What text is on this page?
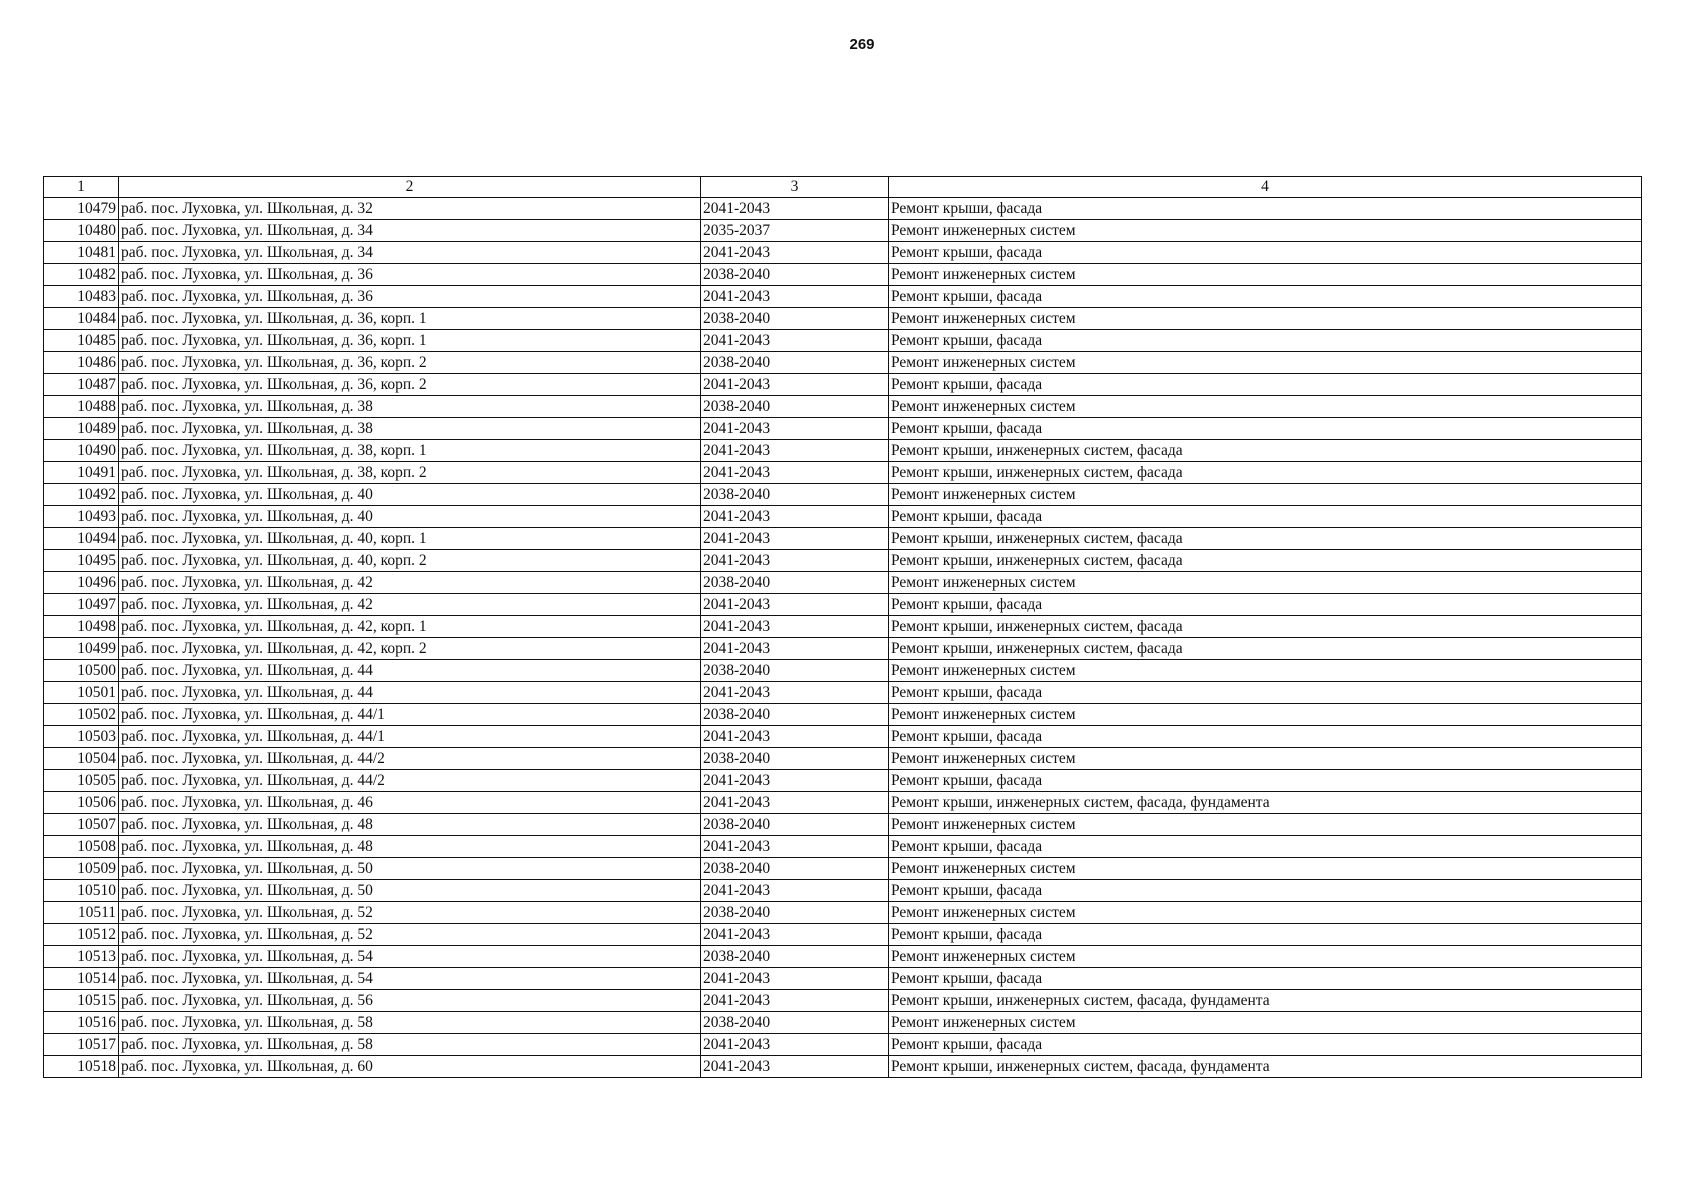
269
1	2	3	4
10479	раб. пос. Луховка, ул. Школьная, д. 32	2041-2043	Ремонт крыши, фасада
10480	раб. пос. Луховка, ул. Школьная, д. 34	2035-2037	Ремонт инженерных систем
10481	раб. пос. Луховка, ул. Школьная, д. 34	2041-2043	Ремонт крыши, фасада
10482	раб. пос. Луховка, ул. Школьная, д. 36	2038-2040	Ремонт инженерных систем
10483	раб. пос. Луховка, ул. Школьная, д. 36	2041-2043	Ремонт крыши, фасада
10484	раб. пос. Луховка, ул. Школьная, д. 36, корп. 1	2038-2040	Ремонт инженерных систем
10485	раб. пос. Луховка, ул. Школьная, д. 36, корп. 1	2041-2043	Ремонт крыши, фасада
10486	раб. пос. Луховка, ул. Школьная, д. 36, корп. 2	2038-2040	Ремонт инженерных систем
10487	раб. пос. Луховка, ул. Школьная, д. 36, корп. 2	2041-2043	Ремонт крыши, фасада
10488	раб. пос. Луховка, ул. Школьная, д. 38	2038-2040	Ремонт инженерных систем
10489	раб. пос. Луховка, ул. Школьная, д. 38	2041-2043	Ремонт крыши, фасада
10490	раб. пос. Луховка, ул. Школьная, д. 38, корп. 1	2041-2043	Ремонт крыши, инженерных систем, фасада
10491	раб. пос. Луховка, ул. Школьная, д. 38, корп. 2	2041-2043	Ремонт крыши, инженерных систем, фасада
10492	раб. пос. Луховка, ул. Школьная, д. 40	2038-2040	Ремонт инженерных систем
10493	раб. пос. Луховка, ул. Школьная, д. 40	2041-2043	Ремонт крыши, фасада
10494	раб. пос. Луховка, ул. Школьная, д. 40, корп. 1	2041-2043	Ремонт крыши, инженерных систем, фасада
10495	раб. пос. Луховка, ул. Школьная, д. 40, корп. 2	2041-2043	Ремонт крыши, инженерных систем, фасада
10496	раб. пос. Луховка, ул. Школьная, д. 42	2038-2040	Ремонт инженерных систем
10497	раб. пос. Луховка, ул. Школьная, д. 42	2041-2043	Ремонт крыши, фасада
10498	раб. пос. Луховка, ул. Школьная, д. 42, корп. 1	2041-2043	Ремонт крыши, инженерных систем, фасада
10499	раб. пос. Луховка, ул. Школьная, д. 42, корп. 2	2041-2043	Ремонт крыши, инженерных систем, фасада
10500	раб. пос. Луховка, ул. Школьная, д. 44	2038-2040	Ремонт инженерных систем
10501	раб. пос. Луховка, ул. Школьная, д. 44	2041-2043	Ремонт крыши, фасада
10502	раб. пос. Луховка, ул. Школьная, д. 44/1	2038-2040	Ремонт инженерных систем
10503	раб. пос. Луховка, ул. Школьная, д. 44/1	2041-2043	Ремонт крыши, фасада
10504	раб. пос. Луховка, ул. Школьная, д. 44/2	2038-2040	Ремонт инженерных систем
10505	раб. пос. Луховка, ул. Школьная, д. 44/2	2041-2043	Ремонт крыши, фасада
10506	раб. пос. Луховка, ул. Школьная, д. 46	2041-2043	Ремонт крыши, инженерных систем, фасада, фундамента
10507	раб. пос. Луховка, ул. Школьная, д. 48	2038-2040	Ремонт инженерных систем
10508	раб. пос. Луховка, ул. Школьная, д. 48	2041-2043	Ремонт крыши, фасада
10509	раб. пос. Луховка, ул. Школьная, д. 50	2038-2040	Ремонт инженерных систем
10510	раб. пос. Луховка, ул. Школьная, д. 50	2041-2043	Ремонт крыши, фасада
10511	раб. пос. Луховка, ул. Школьная, д. 52	2038-2040	Ремонт инженерных систем
10512	раб. пос. Луховка, ул. Школьная, д. 52	2041-2043	Ремонт крыши, фасада
10513	раб. пос. Луховка, ул. Школьная, д. 54	2038-2040	Ремонт инженерных систем
10514	раб. пос. Луховка, ул. Школьная, д. 54	2041-2043	Ремонт крыши, фасада
10515	раб. пос. Луховка, ул. Школьная, д. 56	2041-2043	Ремонт крыши, инженерных систем, фасада, фундамента
10516	раб. пос. Луховка, ул. Школьная, д. 58	2038-2040	Ремонт инженерных систем
10517	раб. пос. Луховка, ул. Школьная, д. 58	2041-2043	Ремонт крыши, фасада
10518	раб. пос. Луховка, ул. Школьная, д. 60	2041-2043	Ремонт крыши, инженерных систем, фасада, фундамента
